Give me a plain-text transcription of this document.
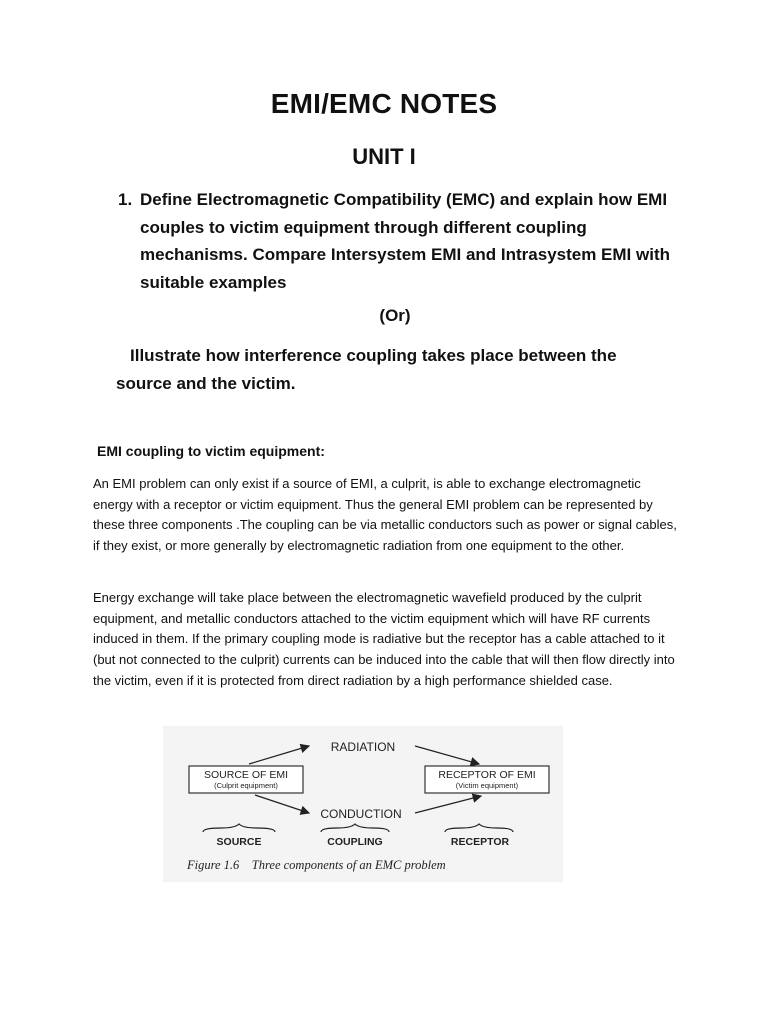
EMI/EMC NOTES
UNIT I
1. Define Electromagnetic Compatibility (EMC) and explain how EMI couples to victim equipment through different coupling mechanisms. Compare Intersystem EMI and Intrasystem EMI with suitable examples
(Or)
Illustrate how interference coupling takes place between the source and the victim.
EMI coupling to victim equipment:

An EMI problem can only exist if a source of EMI, a culprit, is able to exchange electromagnetic energy with a receptor or victim equipment. Thus the general EMI problem can be represented by these three components .The coupling can be via metallic conductors such as power or signal cables, if they exist, or more generally by electromagnetic radiation from one equipment to the other.

Energy exchange will take place between the electromagnetic wavefield produced by the culprit equipment, and metallic conductors attached to the victim equipment which will have RF currents induced in them. If the primary coupling mode is radiative but the receptor has a cable attached to it (but not connected to the culprit) currents can be induced into the cable that will then flow directly into the victim, even if it is protected from direct radiation by a high performance shielded case.

RADIATION
SOURCE OF EMI
(Culprit equipment)
RECEPTOR OF EMI
(Victim equipment)
CONDUCTION
SOURCE	COUPLING	RECEPTOR
Figure 1.6    Three components of an EMC problem
